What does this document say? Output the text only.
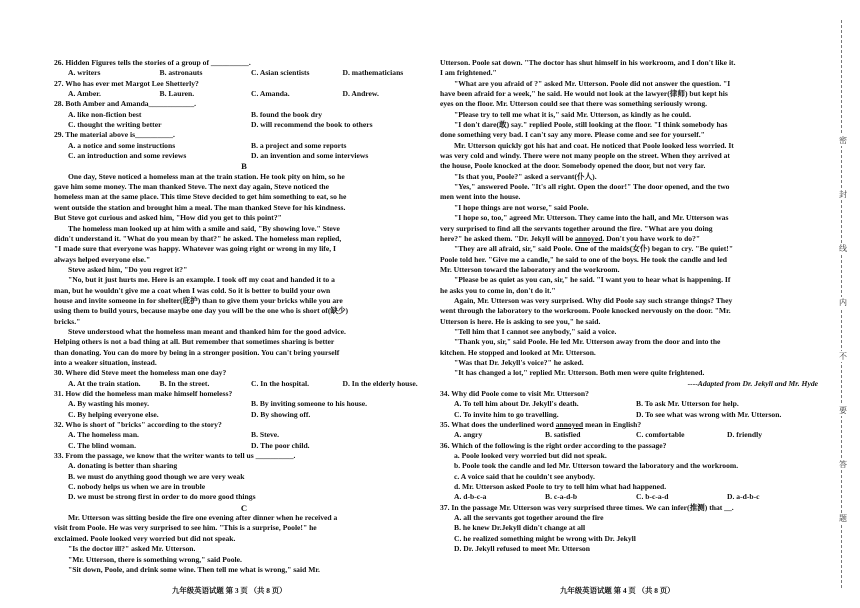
26. Hidden Figures tells the stories of a group of __________.
A. writers	B. astronauts	C. Asian scientists	D. mathematicians
27. Who has ever met Margot Lee Shetterly?
A. Amber.	B. Lauren.	C. Amanda.	D. Andrew.
28. Both Amber and Amanda____________.
A. like non-fiction best	B. found the book dry
C. thought the writing better	D. will recommend the book to others
29. The material above is__________.
A. a notice and some instructions	B. a project and some reports
C. an introduction and some reviews	D. an invention and some interviews
B
One day, Steve noticed a homeless man at the train station. He took pity on him, so he
gave him some money. The man thanked Steve. The next day again, Steve noticed the
homeless man at the same place. This time Steve decided to get him something to eat, so he
went outside the station and brought him a meal. The man thanked Steve for his kindness.
But Steve got curious and asked him, "How did you get to this point?"
The homeless man looked up at him with a smile and said, "By showing love." Steve
didn't understand it. "What do you mean by that?" he asked. The homeless man replied,
"I made sure that everyone was happy. Whatever was going right or wrong in my life, I
always helped everyone else."
Steve asked him, "Do you regret it?"
"No, but it just hurts me. Here is an example. I took off my coat and handed it to a
man, but he wouldn't give me a coat when I was cold. So it is better to build your own
house and invite someone in for shelter(庇护) than to give them your bricks while you are
using them to build yours, because maybe one day you will be the one who is short of(缺少)
bricks."
Steve understood what the homeless man meant and thanked him for the good advice.
Helping others is not a bad thing at all. But remember that sometimes sharing is better
than donating. You can do more by being in a stronger position. You can't bring yourself
into a weaker situation, instead.
30. Where did Steve meet the homeless man one day?
A. At the train station.	B. In the street.	C. In the hospital.	D. In the elderly house.
31. How did the homeless man make himself homeless?
A. By wasting his money.	B. By inviting someone to his house.
C. By helping everyone else.	D. By showing off.
32. Who is short of "bricks" according to the story?
A. The homeless man.	B. Steve.
C. The blind woman.	D. The poor child.
33. From the passage, we know that the writer wants to tell us __________.
A. donating is better than sharing
B. we must do anything good though we are very weak
C. nobody helps us when we are in trouble
D. we must be strong first in order to do more good things
C
Mr. Utterson was sitting beside the fire one evening after dinner when he received a
visit from Poole. He was very surprised to see him. "This is a surprise, Poole!" he
exclaimed. Poole looked very worried but did not speak.
"Is the doctor ill?" asked Mr. Utterson.
"Mr. Utterson, there is something wrong," said Poole.
"Sit down, Poole, and drink some wine. Then tell me what is wrong," said Mr.
Utterson. Poole sat down. "The doctor has shut himself in his workroom, and I don't like it.
I am frightened."
"What are you afraid of ?" asked Mr. Utterson. Poole did not answer the question. "I
have been afraid for a week," he said. He would not look at the lawyer(律师) but kept his
eyes on the floor. Mr. Utterson could see that there was something seriously wrong.
"Please try to tell me what it is," said Mr. Utterson, as kindly as he could.
"I don't dare(敢) say." replied Poole, still looking at the floor. "I think somebody has
done something very bad. I can't say any more. Please come and see for yourself."
Mr. Utterson quickly got his hat and coat. He noticed that Poole looked less worried. It
was very cold and windy. There were not many people on the street. When they arrived at
the house, Poole knocked at the door. Somebody opened the door, but not very far.
"Is that you, Poole?" asked a servant(仆人).
"Yes," answered Poole. "It's all right. Open the door!" The door opened, and the two
men went into the house.
"I hope things are not worse," said Poole.
"I hope so, too," agreed Mr. Utterson. They came into the hall, and Mr. Utterson was
very surprised to find all the servants together around the fire. "What are you doing
here?" he asked them. "Dr. Jekyll will be annoyed. Don't you have work to do?"
"They are all afraid, sir," said Poole. One of the maids(女仆) began to cry. "Be quiet!"
Poole told her. "Give me a candle," he said to one of the boys. He took the candle and led
Mr. Utterson toward the laboratory and the workroom.
"Please be as quiet as you can, sir," he said. "I want you to hear what is happening. If
he asks you to come in, don't do it."
Again, Mr. Utterson was very surprised. Why did Poole say such strange things? They
went through the laboratory to the workroom. Poole knocked nervously on the door. "Mr.
Utterson is here. He is asking to see you," he said.
"Tell him that I cannot see anybody," said a voice.
"Thank you, sir," said Poole. He led Mr. Utterson away from the door and into the
kitchen. He stopped and looked at Mr. Utterson.
"Was that Dr. Jekyll's voice?" he asked.
"It has changed a lot," replied Mr. Utterson. Both men were quite frightened.
----Adapted from Dr. Jekyll and Mr. Hyde
34. Why did Poole come to visit Mr. Utterson?
A. To tell him about Dr. Jekyll's death.	B. To ask Mr. Utterson for help.
C. To invite him to go travelling.	D. To see what was wrong with Mr. Utterson.
35. What does the underlined word annoyed mean in English?
A. angry	B. satisfied	C. comfortable	D. friendly
36. Which of the following is the right order according to the passage?
a. Poole looked very worried but did not speak.
b. Poole took the candle and led Mr. Utterson toward the laboratory and the workroom.
c. A voice said that he couldn't see anybody.
d. Mr. Utterson asked Poole to try to tell him what had happened.
A. d-b-c-a	B. c-a-d-b	C. b-c-a-d	D. a-d-b-c
37. In the passage Mr. Utterson was very surprised three times. We can infer(推测) that __.
A. all the servants got together around the fire
B. he knew Dr.Jekyll didn't change at all
C. he realized something might be wrong with Dr. Jekyll
D. Dr. Jekyll refused to meet Mr. Utterson
九年级英语试题 第 3 页 （共 8 页）	九年级英语试题 第 4 页 （共 8 页）
密
封
线
内
不
要
答
题
